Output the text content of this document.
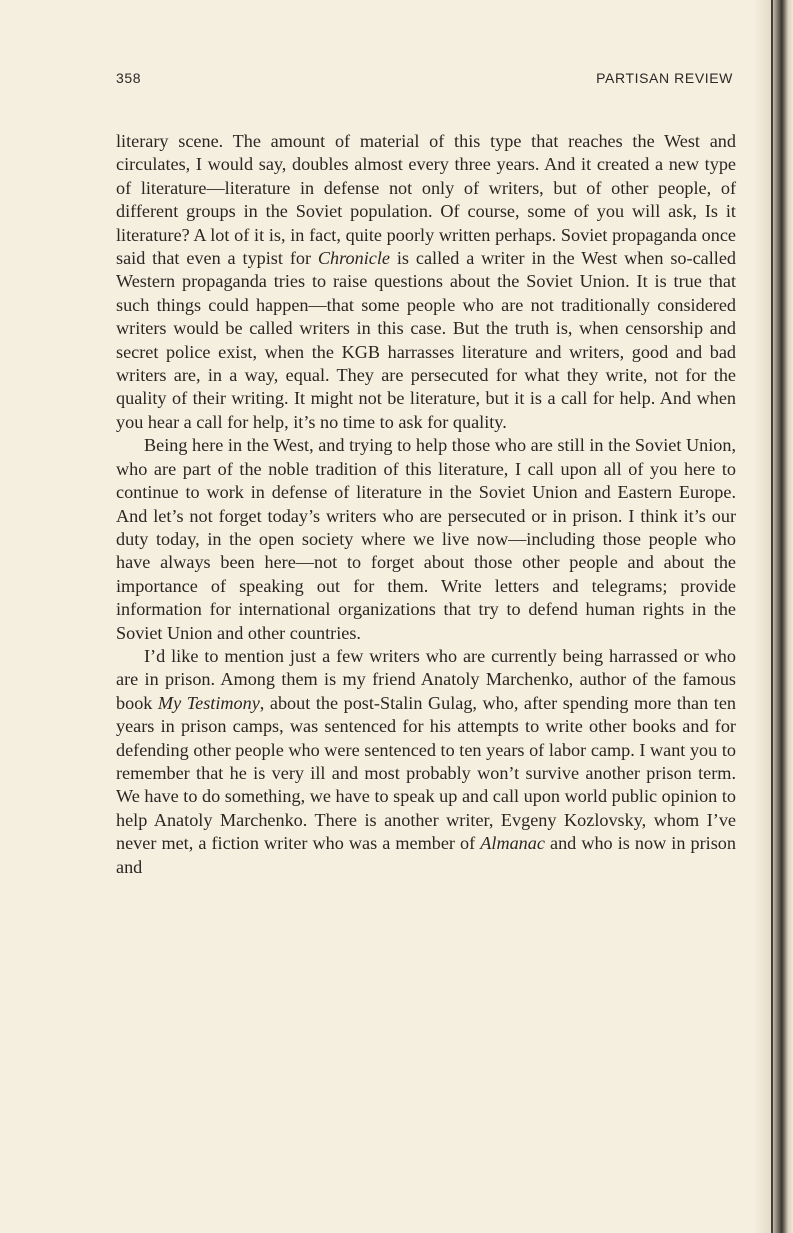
358	PARTISAN REVIEW

literary scene. The amount of material of this type that reaches the West and circulates, I would say, doubles almost every three years. And it created a new type of literature—literature in defense not only of writers, but of other people, of different groups in the Soviet population. Of course, some of you will ask, Is it literature? A lot of it is, in fact, quite poorly written perhaps. Soviet propaganda once said that even a typist for Chronicle is called a writer in the West when so-called Western propaganda tries to raise questions about the Soviet Union. It is true that such things could happen—that some people who are not traditionally considered writers would be called writers in this case. But the truth is, when censorship and secret police exist, when the KGB harrasses literature and writers, good and bad writers are, in a way, equal. They are persecuted for what they write, not for the quality of their writing. It might not be literature, but it is a call for help. And when you hear a call for help, it’s no time to ask for quality.

Being here in the West, and trying to help those who are still in the Soviet Union, who are part of the noble tradition of this literature, I call upon all of you here to continue to work in defense of literature in the Soviet Union and Eastern Europe. And let’s not forget today’s writers who are persecuted or in prison. I think it’s our duty today, in the open society where we live now—including those people who have always been here—not to forget about those other people and about the importance of speaking out for them. Write letters and telegrams; provide information for international organizations that try to defend human rights in the Soviet Union and other countries.

I’d like to mention just a few writers who are currently being harrassed or who are in prison. Among them is my friend Anatoly Marchenko, author of the famous book My Testimony, about the post-Stalin Gulag, who, after spending more than ten years in prison camps, was sentenced for his attempts to write other books and for defending other people who were sentenced to ten years of labor camp. I want you to remember that he is very ill and most probably won’t survive another prison term. We have to do something, we have to speak up and call upon world public opinion to help Anatoly Marchenko. There is another writer, Evgeny Kozlovsky, whom I’ve never met, a fiction writer who was a member of Almanac and who is now in prison and
